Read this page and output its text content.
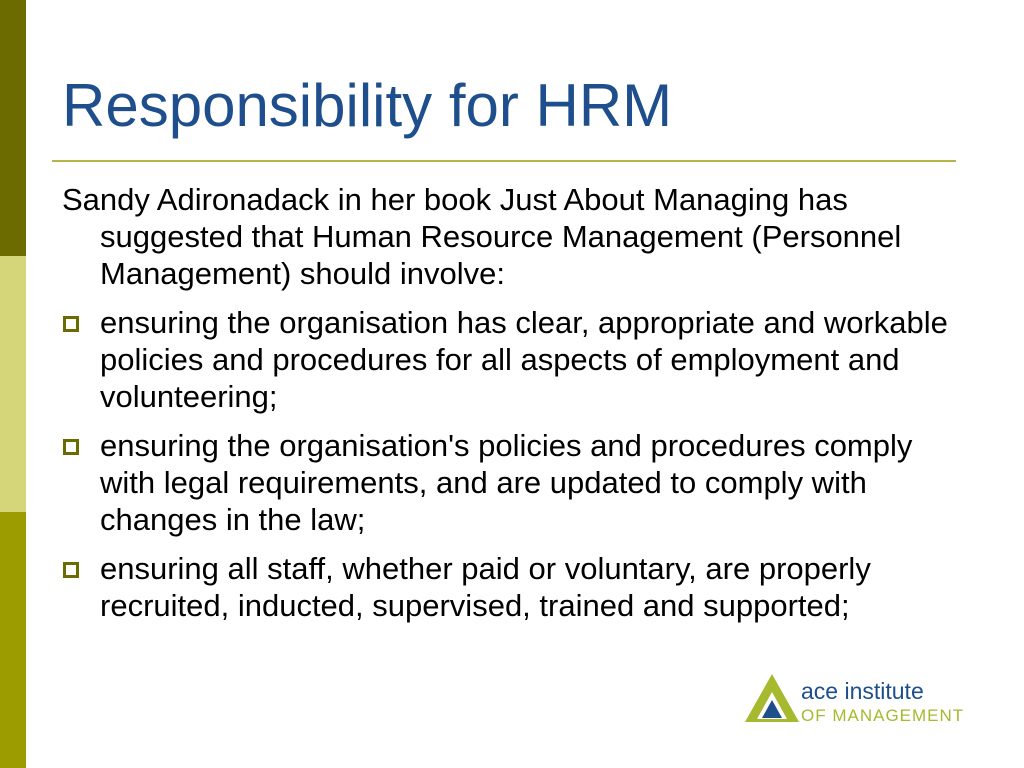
Responsibility for HRM

Sandy Adironadack in her book Just About Managing has suggested that Human Resource Management (Personnel Management) should involve:

ensuring the organisation has clear, appropriate and workable policies and procedures for all aspects of employment and volunteering;
ensuring the organisation's policies and procedures comply with legal requirements, and are updated to comply with changes in the law;
ensuring all staff, whether paid or voluntary, are properly recruited, inducted, supervised, trained and supported;
ace institute
OF MANAGEMENT
